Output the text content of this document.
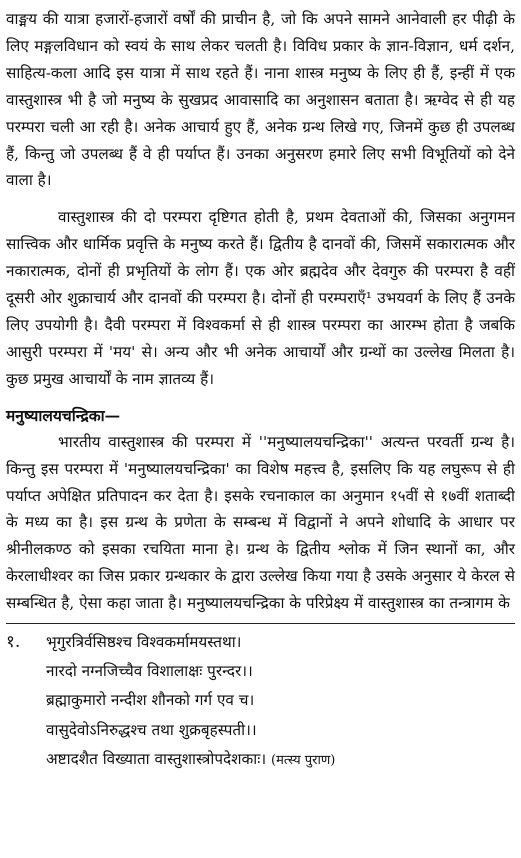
वाङ्मय की यात्रा हजारों-हजारों वर्षों की प्राचीन है, जो कि अपने सामने आनेवाली हर पीढ़ी के लिए मङ्गलविधान को स्वयं के साथ लेकर चलती है। विविध प्रकार के ज्ञान-विज्ञान, धर्म दर्शन, साहित्य-कला आदि इस यात्रा में साथ रहते हैं। नाना शास्त्र मनुष्य के लिए ही हैं, इन्हीं में एक वास्तुशास्त्र भी है जो मनुष्य के सुखप्रद आवासादि का अनुशासन बताता है। ऋग्वेद से ही यह परम्परा चली आ रही है। अनेक आचार्य हुए हैं, अनेक ग्रन्थ लिखे गए, जिनमें कुछ ही उपलब्ध हैं, किन्तु जो उपलब्ध हैं वे ही पर्याप्त हैं। उनका अनुसरण हमारे लिए सभी विभूतियों को देने वाला है।

वास्तुशास्त्र की दो परम्परा दृष्टिगत होती है, प्रथम देवताओं की, जिसका अनुगमन सात्त्विक और धार्मिक प्रवृत्ति के मनुष्य करते हैं। द्वितीय है दानवों की, जिसमें सकारात्मक और नकारात्मक, दोनों ही प्रभृतियों के लोग हैं। एक ओर ब्रह्मदेव और देवगुरु की परम्परा है वहीं दूसरी ओर शुक्राचार्य और दानवों की परम्परा है। दोनों ही परम्पराएँ¹ उभयवर्ग के लिए हैं उनके लिए उपयोगी है। दैवी परम्परा में विश्वकर्मा से ही शास्त्र परम्परा का आरम्भ होता है जबकि आसुरी परम्परा में 'मय' से। अन्य और भी अनेक आचार्यों और ग्रन्थों का उल्लेख मिलता है। कुछ प्रमुख आचार्यों के नाम ज्ञातव्य हैं।

मनुष्यालयचन्द्रिका—

भारतीय वास्तुशास्त्र की परम्परा में ''मनुष्यालयचन्द्रिका'' अत्यन्त परवर्ती ग्रन्थ है। किन्तु इस परम्परा में 'मनुष्यालयचन्द्रिका' का विशेष महत्त्व है, इसलिए कि यह लघुरूप से ही पर्याप्त अपेक्षित प्रतिपादन कर देता है। इसके रचनाकाल का अनुमान १५वीं से १७वीं शताब्दी के मध्य का है। इस ग्रन्थ के प्रणेता के सम्बन्ध में विद्वानों ने अपने शोधादि के आधार पर श्रीनीलकण्ठ को इसका रचयिता माना हे। ग्रन्थ के द्वितीय श्लोक में जिन स्थानों का, और केरलाधीश्वर का जिस प्रकार ग्रन्थकार के द्वारा उल्लेख किया गया है उसके अनुसार ये केरल से सम्बन्धित है, ऐसा कहा जाता है। मनुष्यालयचन्द्रिका के परिप्रेक्ष्य में वास्तुशास्त्र का तन्त्रागम के

१.	भृगुरत्रिर्वसिष्ठश्च विश्वकर्मामयस्तथा।
नारदो नग्नजिच्चैव विशालाक्षः पुरन्दर।।
ब्रह्माकुमारो नन्दीश शौनको गर्ग एव च।
वासुदेवोऽनिरुद्धश्च तथा शुक्रबृहस्पती।।
अष्टादशैत विख्याता वास्तुशास्त्रोपदेशकाः। (मत्स्य पुराण)
